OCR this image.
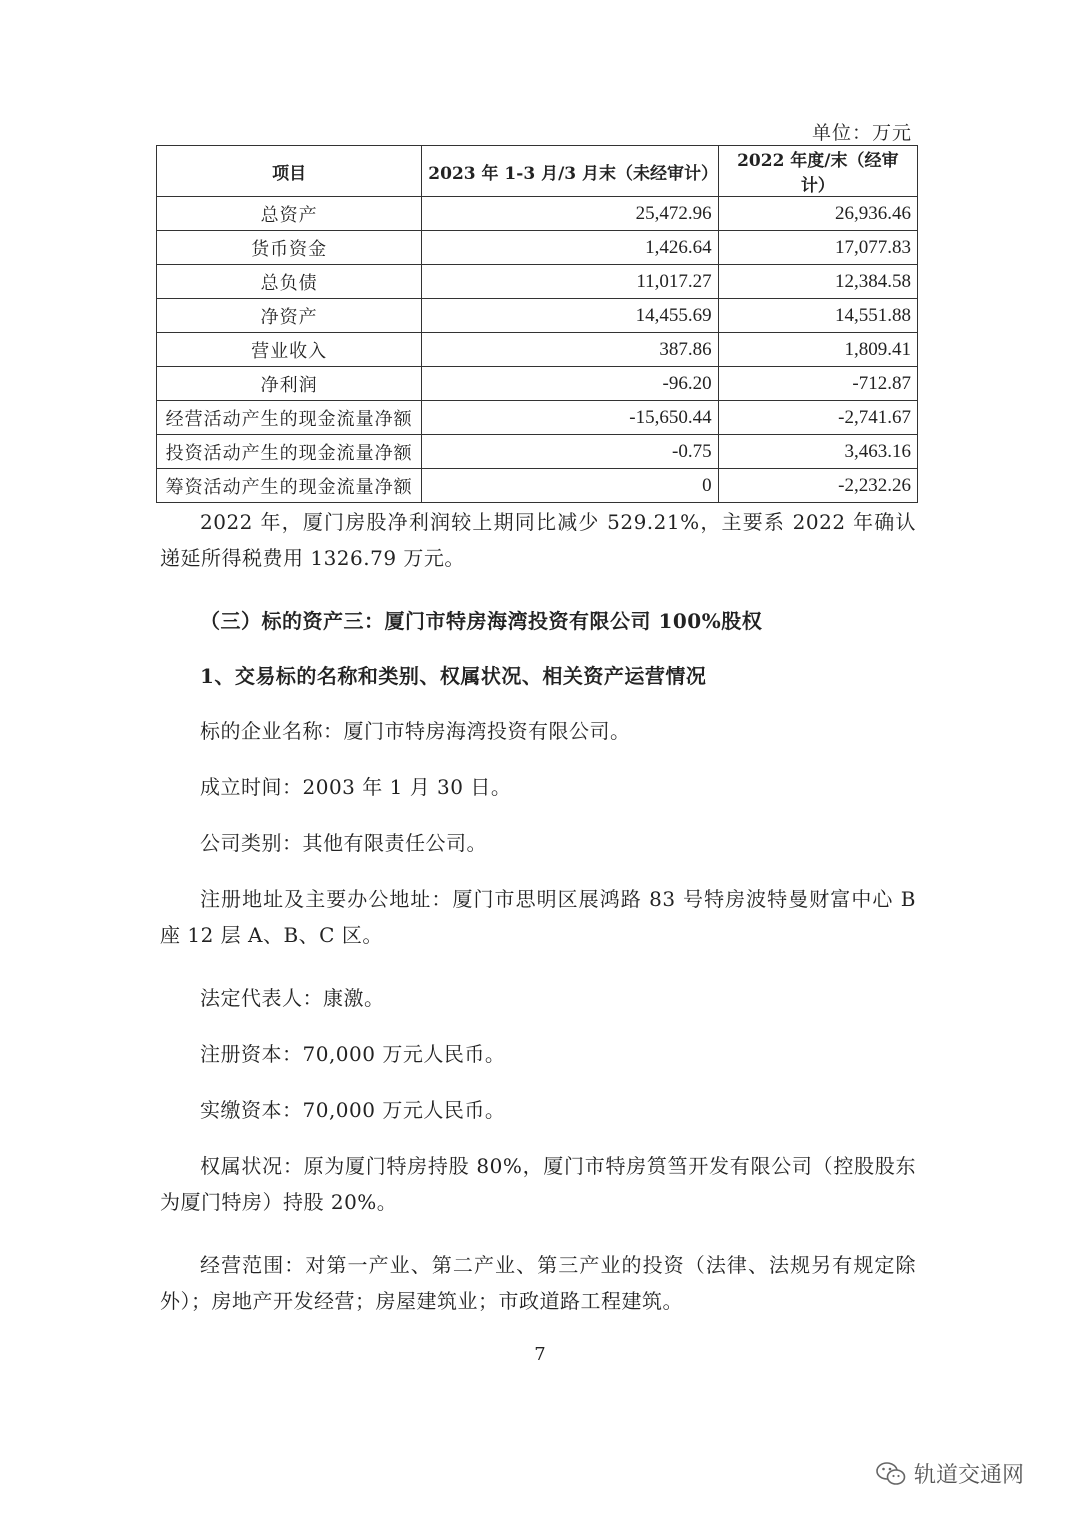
单位：万元
项目	2023 年 1-3 月/3 月末（未经审计）	2022 年度/末（经审计）
总资产	25,472.96	26,936.46
货币资金	1,426.64	17,077.83
总负债	11,017.27	12,384.58
净资产	14,455.69	14,551.88
营业收入	387.86	1,809.41
净利润	-96.20	-712.87
经营活动产生的现金流量净额	-15,650.44	-2,741.67
投资活动产生的现金流量净额	-0.75	3,463.16
筹资活动产生的现金流量净额	0	-2,232.26
2022 年，厦门房股净利润较上期同比减少 529.21%，主要系 2022 年确认递延所得税费用 1326.79 万元。
（三）标的资产三：厦门市特房海湾投资有限公司 100%股权
1、交易标的名称和类别、权属状况、相关资产运营情况
标的企业名称：厦门市特房海湾投资有限公司。
成立时间：2003 年 1 月 30 日。
公司类别：其他有限责任公司。
注册地址及主要办公地址：厦门市思明区展鸿路 83 号特房波特曼财富中心 B 座 12 层 A、B、C 区。
法定代表人：康激。
注册资本：70,000 万元人民币。
实缴资本：70,000 万元人民币。
权属状况：原为厦门特房持股 80%，厦门市特房筼筜开发有限公司（控股股东为厦门特房）持股 20%。
经营范围：对第一产业、第二产业、第三产业的投资（法律、法规另有规定除外）；房地产开发经营；房屋建筑业；市政道路工程建筑。
7
轨道交通网
